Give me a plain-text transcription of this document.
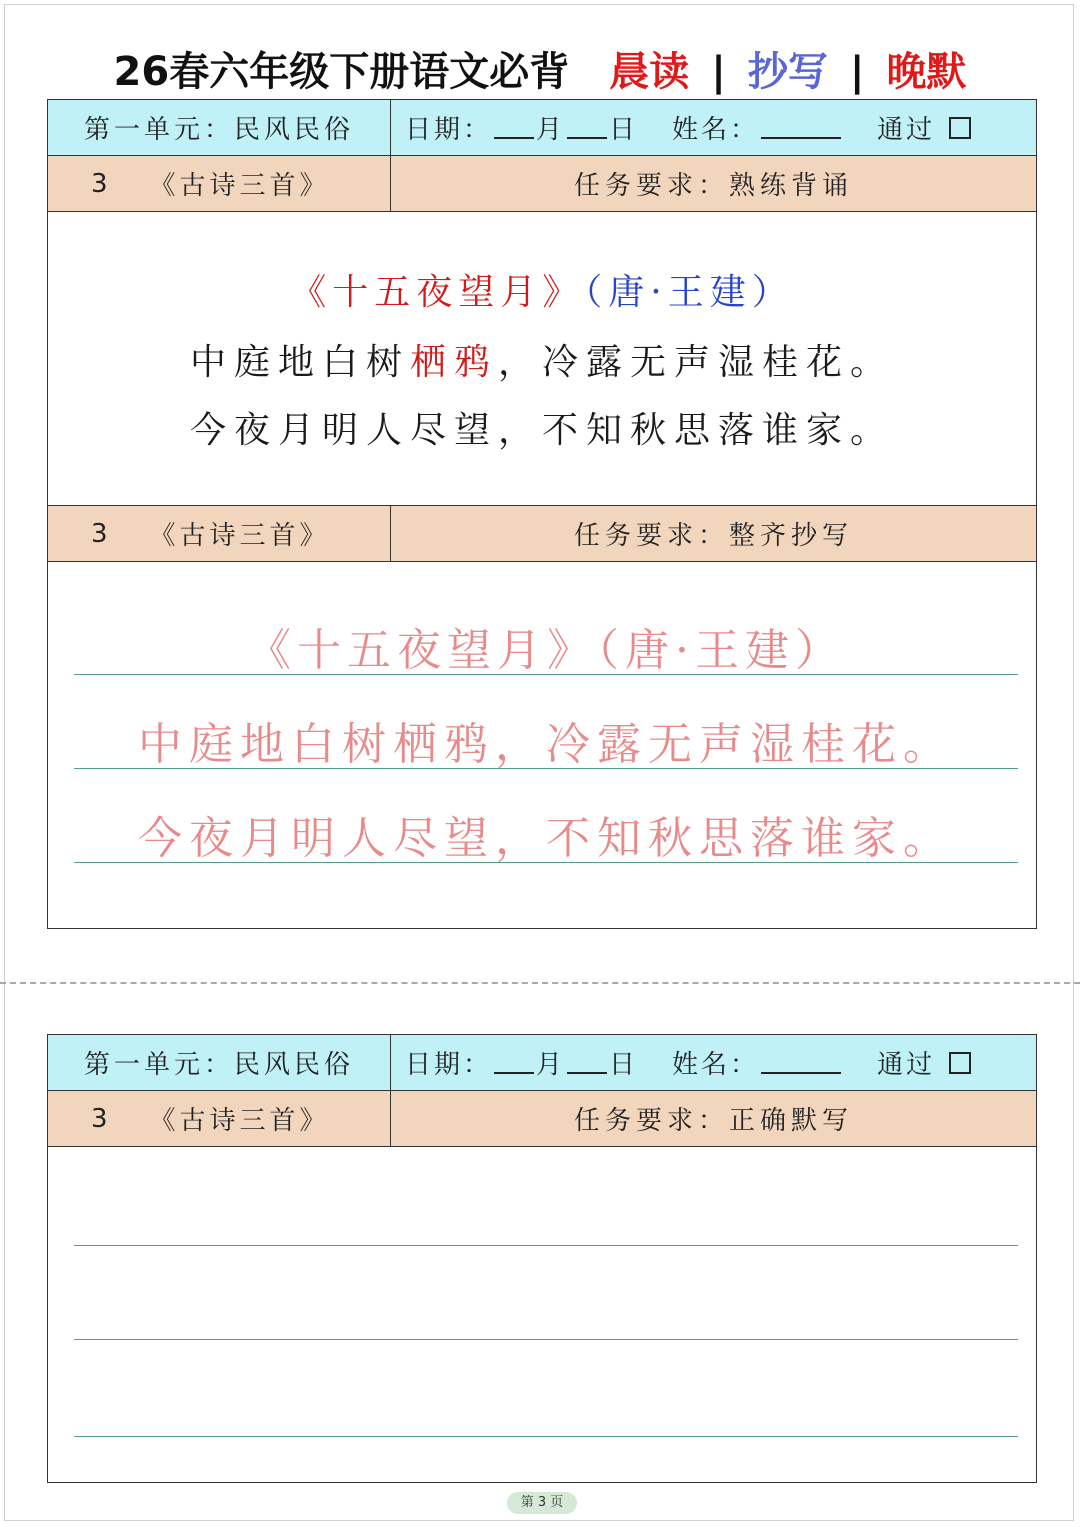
26春六年级下册语文必背 晨读 | 抄写 | 晚默
第一单元：民风民俗	日期： 月 日 姓名：	通过
3 《古诗三首》	任务要求：熟练背诵
《十五夜望月》（唐·王建）
中庭地白树栖鸦，冷露无声湿桂花。
今夜月明人尽望，不知秋思落谁家。
3 《古诗三首》	任务要求：整齐抄写
《十五夜望月》（唐·王建）
中庭地白树栖鸦，冷露无声湿桂花。
今夜月明人尽望，不知秋思落谁家。
第一单元：民风民俗	日期： 月 日 姓名：	通过
3 《古诗三首》	任务要求：正确默写
第 3 页
